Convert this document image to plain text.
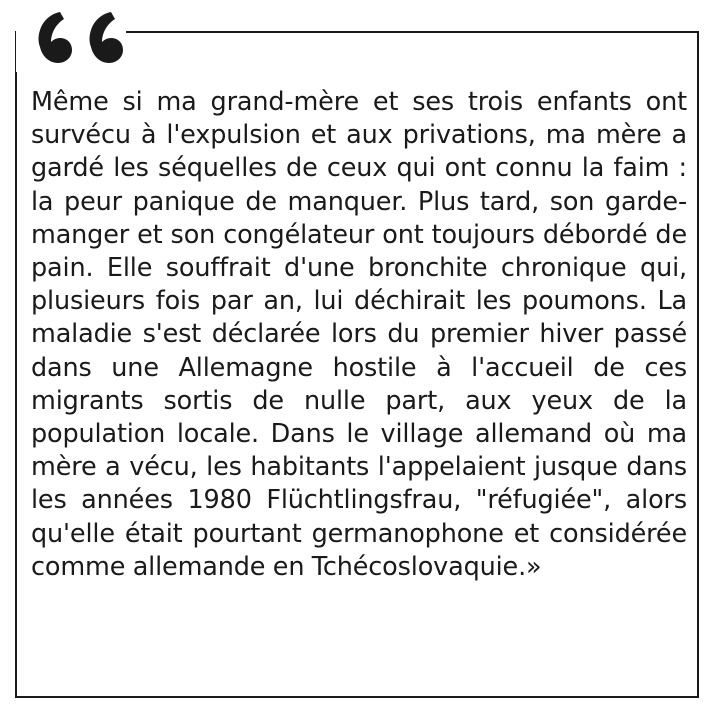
Même si ma grand-mère et ses trois enfants ont survécu à l'expulsion et aux privations, ma mère a gardé les séquelles de ceux qui ont connu la faim : la peur panique de manquer. Plus tard, son garde-manger et son congélateur ont toujours débordé de pain. Elle souffrait d'une bronchite chronique qui, plusieurs fois par an, lui déchirait les poumons. La maladie s'est déclarée lors du premier hiver passé dans une Allemagne hostile à l'accueil de ces migrants sortis de nulle part, aux yeux de la population locale. Dans le village allemand où ma mère a vécu, les habitants l'appelaient jusque dans les années 1980 Flüchtlingsfrau, "réfugiée", alors qu'elle était pourtant germanophone et considérée comme allemande en Tchécoslovaquie.»
